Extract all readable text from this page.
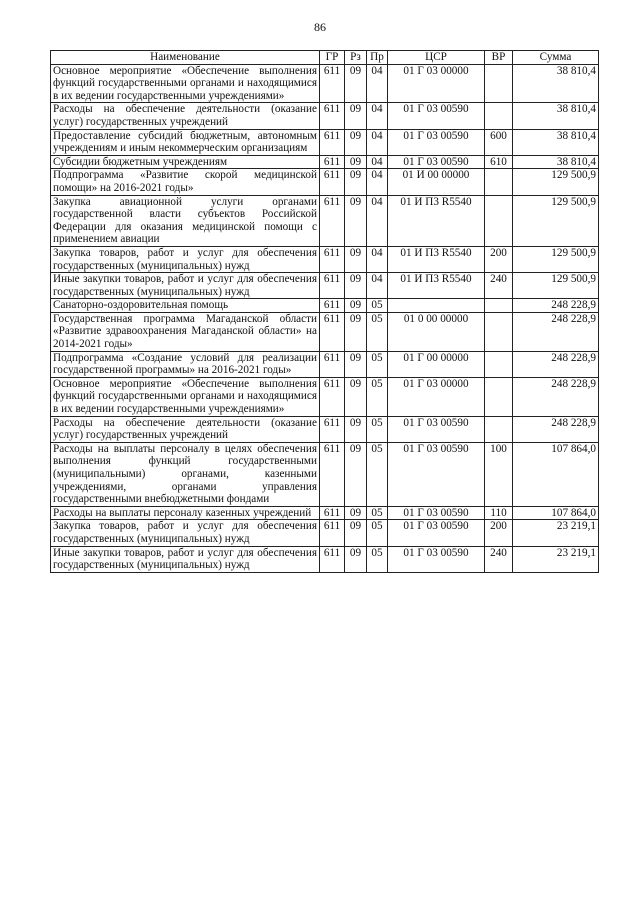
86
Наименование	ГР	Рз	Пр	ЦСР	ВР	Сумма
Основное мероприятие «Обеспечение выполнения функций государственными органами и находящимися в их ведении государственными учреждениями»	611	09	04	01 Г 03 00000		38 810,4
Расходы на обеспечение деятельности (оказание услуг) государственных учреждений	611	09	04	01 Г 03 00590		38 810,4
Предоставление субсидий бюджетным, автономным учреждениям и иным некоммерческим организациям	611	09	04	01 Г 03 00590	600	38 810,4
Субсидии бюджетным учреждениям	611	09	04	01 Г 03 00590	610	38 810,4
Подпрограмма «Развитие скорой медицинской помощи» на 2016-2021 годы»	611	09	04	01 И 00 00000		129 500,9
Закупка авиационной услуги органами государственной власти субъектов Российской Федерации для оказания медицинской помощи с применением авиации	611	09	04	01 И П3 R5540		129 500,9
Закупка товаров, работ и услуг для обеспечения государственных (муниципальных) нужд	611	09	04	01 И П3 R5540	200	129 500,9
Иные закупки товаров, работ и услуг для обеспечения государственных (муниципальных) нужд	611	09	04	01 И П3 R5540	240	129 500,9
Санаторно-оздоровительная помощь	611	09	05			248 228,9
Государственная программа Магаданской области «Развитие здравоохранения Магаданской области» на 2014-2021 годы»	611	09	05	01 0 00 00000		248 228,9
Подпрограмма «Создание условий для реализации государственной программы» на 2016-2021 годы»	611	09	05	01 Г 00 00000		248 228,9
Основное мероприятие «Обеспечение выполнения функций государственными органами и находящимися в их ведении государственными учреждениями»	611	09	05	01 Г 03 00000		248 228,9
Расходы на обеспечение деятельности (оказание услуг) государственных учреждений	611	09	05	01 Г 03 00590		248 228,9
Расходы на выплаты персоналу в целях обеспечения выполнения функций государственными (муниципальными) органами, казенными учреждениями, органами управления государственными внебюджетными фондами	611	09	05	01 Г 03 00590	100	107 864,0
Расходы на выплаты персоналу казенных учреждений	611	09	05	01 Г 03 00590	110	107 864,0
Закупка товаров, работ и услуг для обеспечения государственных (муниципальных) нужд	611	09	05	01 Г 03 00590	200	23 219,1
Иные закупки товаров, работ и услуг для обеспечения государственных (муниципальных) нужд	611	09	05	01 Г 03 00590	240	23 219,1
